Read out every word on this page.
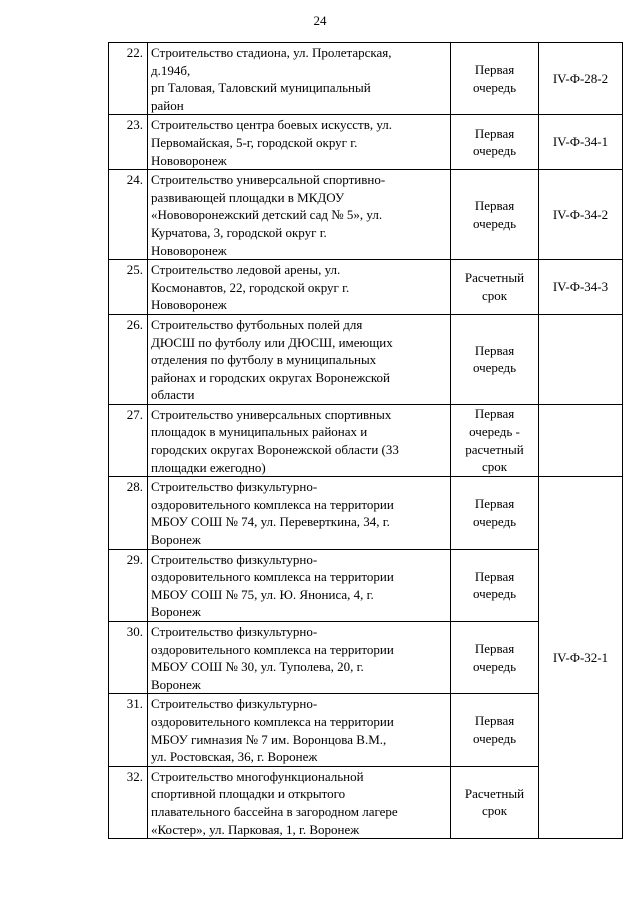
24
22.	Строительство стадиона, ул. Пролетарская,
д.194б,
рп Таловая, Таловский муниципальный
район	Первая
очередь	IV-Ф-28-2
23.	Строительство центра боевых искусств, ул.
Первомайская, 5-г, городской округ г.
Нововоронеж	Первая
очередь	IV-Ф-34-1
24.	Строительство универсальной спортивно-
развивающей площадки в МКДОУ
«Нововоронежский детский сад № 5», ул.
Курчатова, 3, городской округ г.
Нововоронеж	Первая
очередь	IV-Ф-34-2
25.	Строительство ледовой арены, ул.
Космонавтов, 22, городской округ г.
Нововоронеж	Расчетный
срок	IV-Ф-34-3
26.	Строительство футбольных полей для
ДЮСШ по футболу или ДЮСШ, имеющих
отделения по футболу в муниципальных
районах и городских округах Воронежской
области	Первая
очередь	

27.	Строительство универсальных спортивных
площадок в муниципальных районах и
городских округах Воронежской области (33
площадки ежегодно)	Первая
очередь -
расчетный
срок	

28.	Строительство физкультурно-
оздоровительного комплекса на территории
МБОУ СОШ № 74, ул. Переверткина, 34, г.
Воронеж	Первая
очередь	IV-Ф-32-1
29.	Строительство физкультурно-
оздоровительного комплекса на территории
МБОУ СОШ № 75, ул. Ю. Янониса, 4, г.
Воронеж	Первая
очередь	

30.	Строительство физкультурно-
оздоровительного комплекса на территории
МБОУ СОШ № 30, ул. Туполева, 20, г.
Воронеж	Первая
очередь	

31.	Строительство физкультурно-
оздоровительного комплекса на территории
МБОУ гимназия № 7 им. Воронцова В.М.,
ул. Ростовская, 36, г. Воронеж	Первая
очередь	

32.	Строительство многофункциональной
спортивной площадки и открытого
плавательного бассейна в загородном лагере
«Костер», ул. Парковая, 1, г. Воронеж	Расчетный
срок	
